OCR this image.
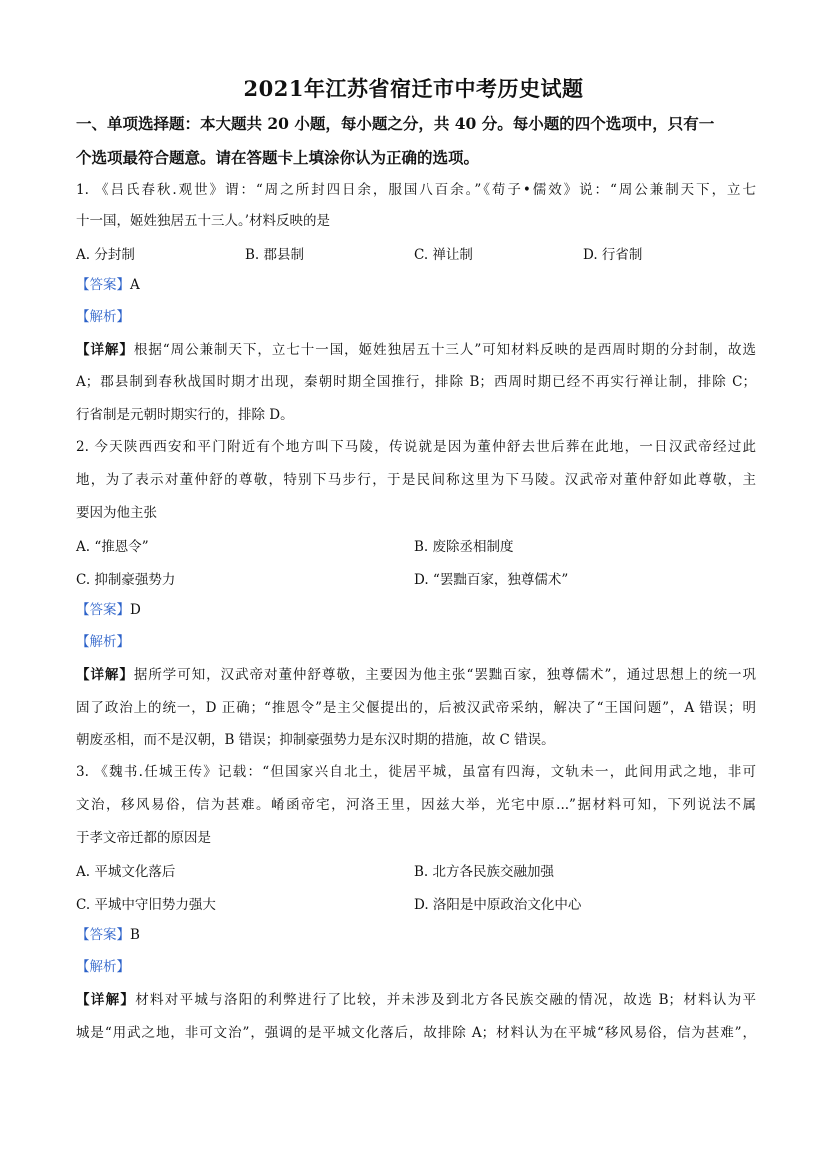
2021年江苏省宿迁市中考历史试题
一、单项选择题：本大题共 20 小题，每小题之分，共 40 分。每小题的四个选项中，只有一
个选项最符合题意。请在答题卡上填涂你认为正确的选项。
1. 《吕氏春秋.观世》谓：“周之所封四日余，服国八百余。”《荀子•儒效》说：“周公兼制天下，立七
十一国，姬姓独居五十三人。’材料反映的是
A. 分封制	B. 郡县制	C. 禅让制	D. 行省制
【答案】A
【解析】
【详解】根据“周公兼制天下，立七十一国，姬姓独居五十三人”可知材料反映的是西周时期的分封制，故选
A；郡县制到春秋战国时期才出现，秦朝时期全国推行，排除 B；西周时期已经不再实行禅让制，排除 C；
行省制是元朝时期实行的，排除 D。
2. 今天陕西西安和平门附近有个地方叫下马陵，传说就是因为董仲舒去世后葬在此地，一日汉武帝经过此
地，为了表示对董仲舒的尊敬，特别下马步行，于是民间称这里为下马陵。汉武帝对董仲舒如此尊敬，主
要因为他主张
A. “推恩令”	B. 废除丞相制度
C. 抑制豪强势力	D. “罢黜百家，独尊儒术”
【答案】D
【解析】
【详解】据所学可知，汉武帝对董仲舒尊敬，主要因为他主张“罢黜百家，独尊儒术”，通过思想上的统一巩
固了政治上的统一，D 正确；“推恩令”是主父偃提出的，后被汉武帝采纳，解决了“王国问题”，A 错误；明
朝废丞相，而不是汉朝，B 错误；抑制豪强势力是东汉时期的措施，故 C 错误。
3. 《魏书.任城王传》记载：“但国家兴自北土，徙居平城，虽富有四海，文轨未一，此间用武之地，非可
文治，移风易俗，信为甚难。崤函帝宅，河洛王里，因兹大举，光宅中原...”据材料可知，下列说法不属
于孝文帝迁都的原因是
A. 平城文化落后	B. 北方各民族交融加强
C. 平城中守旧势力强大	D. 洛阳是中原政治文化中心
【答案】B
【解析】
【详解】材料对平城与洛阳的利弊进行了比较，并未涉及到北方各民族交融的情况，故选 B；材料认为平
城是“用武之地，非可文治”，强调的是平城文化落后，故排除 A；材料认为在平城“移风易俗，信为甚难”，
